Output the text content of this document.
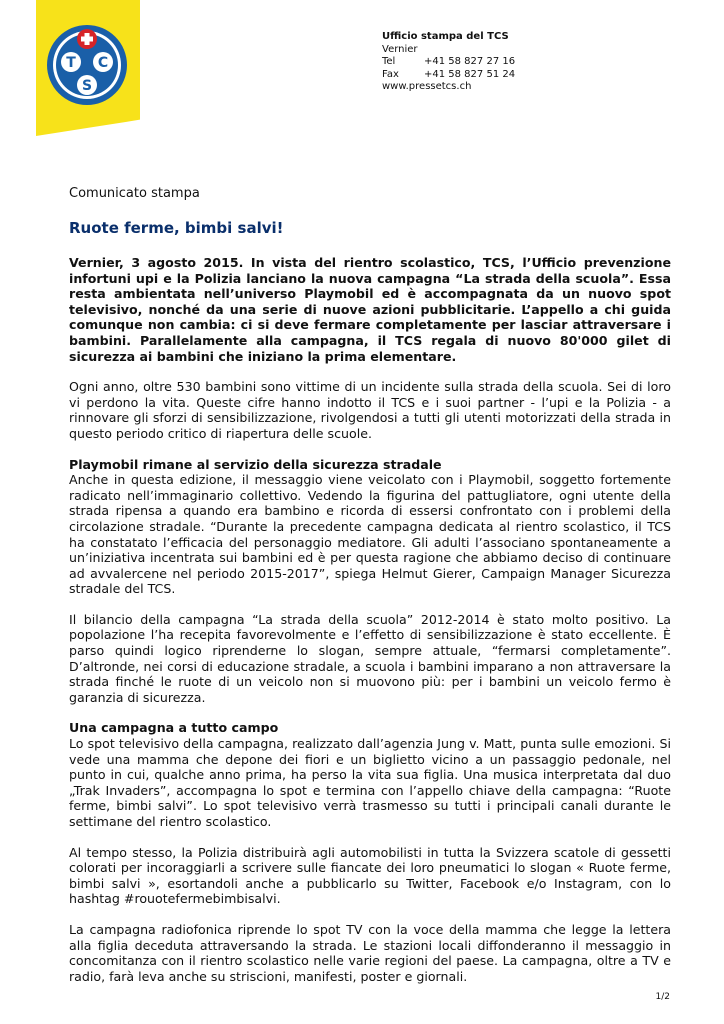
T C
S
Ufficio stampa del TCS
Vernier
Tel	+41 58 827 27 16
Fax	+41 58 827 51 24
www.pressetcs.ch
Comunicato stampa
Ruote ferme, bimbi salvi!

Vernier, 3 agosto 2015. In vista del rientro scolastico, TCS, l’Ufficio prevenzione infortuni upi e la Polizia lanciano la nuova campagna “La strada della scuola”. Essa resta ambientata nell’universo Playmobil ed è accompagnata da un nuovo spot televisivo, nonché da una serie di nuove azioni pubblicitarie. L’appello a chi guida comunque non cambia: ci si deve fermare completamente per lasciar attraversare i bambini. Parallelamente alla campagna, il TCS regala di nuovo 80'000 gilet di sicurezza ai bambini che iniziano la prima elementare.

Ogni anno, oltre 530 bambini sono vittime di un incidente sulla strada della scuola. Sei di loro vi perdono la vita. Queste cifre hanno indotto il TCS e i suoi partner - l’upi e la Polizia - a rinnovare gli sforzi di sensibilizzazione, rivolgendosi a tutti gli utenti motorizzati della strada in questo periodo critico di riapertura delle scuole.

Playmobil rimane al servizio della sicurezza stradale

Anche in questa edizione, il messaggio viene veicolato con i Playmobil, soggetto fortemente radicato nell’immaginario collettivo. Vedendo la figurina del pattugliatore, ogni utente della strada ripensa a quando era bambino e ricorda di essersi confrontato con i problemi della circolazione stradale. “Durante la precedente campagna dedicata al rientro scolastico, il TCS ha constatato l’efficacia del personaggio mediatore. Gli adulti l’associano spontaneamente a un’iniziativa incentrata sui bambini ed è per questa ragione che abbiamo deciso di continuare ad avvalercene nel periodo 2015-2017”, spiega Helmut Gierer, Campaign Manager Sicurezza stradale del TCS.

Il bilancio della campagna “La strada della scuola” 2012-2014 è stato molto positivo. La popolazione l’ha recepita favorevolmente e l’effetto di sensibilizzazione è stato eccellente. È parso quindi logico riprenderne lo slogan, sempre attuale, “fermarsi completamente”. D’altronde, nei corsi di educazione stradale, a scuola i bambini imparano a non attraversare la strada finché le ruote di un veicolo non si muovono più: per i bambini un veicolo fermo è garanzia di sicurezza.

Una campagna a tutto campo

Lo spot televisivo della campagna, realizzato dall’agenzia Jung v. Matt, punta sulle emozioni. Si vede una mamma che depone dei fiori e un biglietto vicino a un passaggio pedonale, nel punto in cui, qualche anno prima, ha perso la vita sua figlia. Una musica interpretata dal duo „Trak Invaders”, accompagna lo spot e termina con l’appello chiave della campagna: “Ruote ferme, bimbi salvi”. Lo spot televisivo verrà trasmesso su tutti i principali canali durante le settimane del rientro scolastico.

Al tempo stesso, la Polizia distribuirà agli automobilisti in tutta la Svizzera scatole di gessetti colorati per incoraggiarli a scrivere sulle fiancate dei loro pneumatici lo slogan « Ruote ferme, bimbi salvi », esortandoli anche a pubblicarlo su Twitter, Facebook e/o Instagram, con lo hashtag #rouotefermebimbisalvi.

La campagna radiofonica riprende lo spot TV con la voce della mamma che legge la lettera alla figlia deceduta attraversando la strada. Le stazioni locali diffonderanno il messaggio in concomitanza con il rientro scolastico nelle varie regioni del paese. La campagna, oltre a TV e radio, farà leva anche su striscioni, manifesti, poster e giornali.

1/2
